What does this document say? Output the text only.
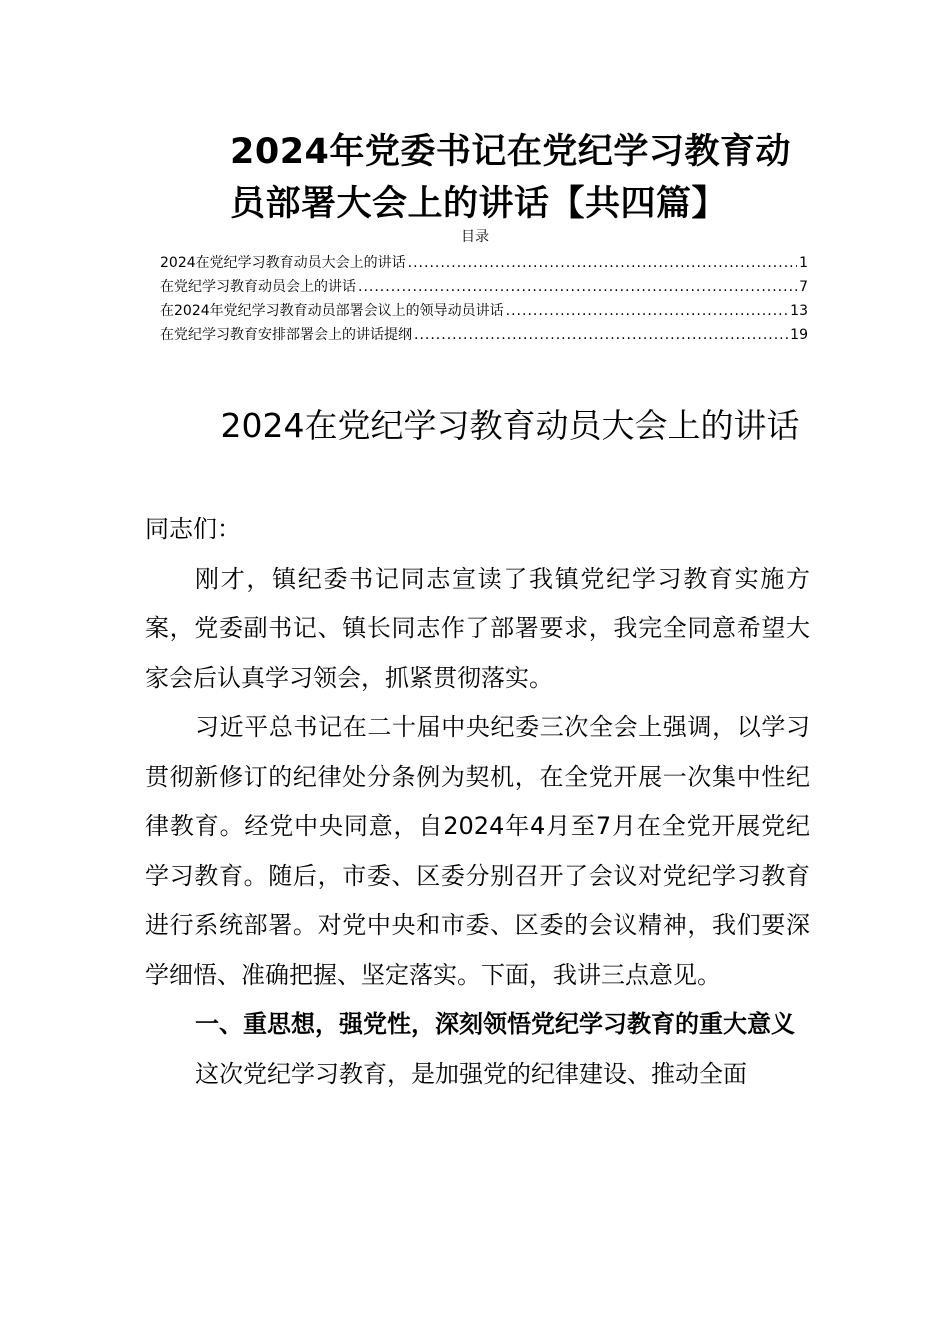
2024年党委书记在党纪学习教育动员部署大会上的讲话【共四篇】
目录
2024在党纪学习教育动员大会上的讲话 .....	1
在党纪学习教育动员会上的讲话 .....	7
在2024年党纪学习教育动员部署会议上的领导动员讲话 .....	13
在党纪学习教育安排部署会上的讲话提纲 .....	19
2024在党纪学习教育动员大会上的讲话

同志们：

刚才，镇纪委书记同志宣读了我镇党纪学习教育实施方案，党委副书记、镇长同志作了部署要求，我完全同意希望大家会后认真学习领会，抓紧贯彻落实。

习近平总书记在二十届中央纪委三次全会上强调，以学习贯彻新修订的纪律处分条例为契机，在全党开展一次集中性纪律教育。经党中央同意，自2024年4月至7月在全党开展党纪学习教育。随后，市委、区委分别召开了会议对党纪学习教育进行系统部署。对党中央和市委、区委的会议精神，我们要深学细悟、准确把握、坚定落实。下面，我讲三点意见。

一、重思想，强党性，深刻领悟党纪学习教育的重大意义

这次党纪学习教育，是加强党的纪律建设、推动全面
